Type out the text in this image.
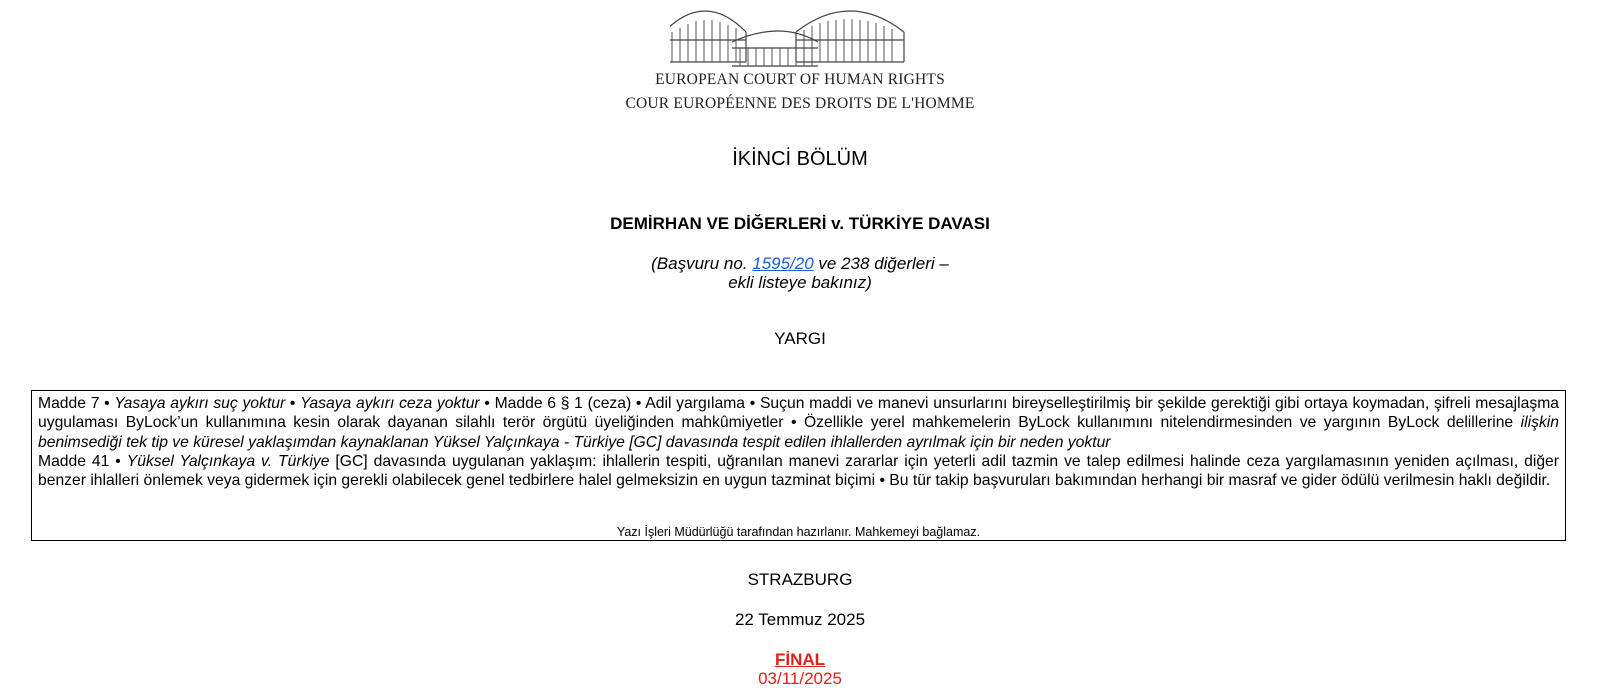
EUROPEAN COURT OF HUMAN RIGHTS
COUR EUROPÉENNE DES DROITS DE L'HOMME
İKİNCİ BÖLÜM
DEMİRHAN VE DİĞERLERİ v. TÜRKİYE DAVASI
(Başvuru no. 1595/20 ve 238 diğerleri –
ekli listeye bakınız)
YARGI

Madde 7 • Yasaya aykırı suç yoktur • Yasaya aykırı ceza yoktur • Madde 6 § 1 (ceza) • Adil yargılama • Suçun maddi ve manevi unsurlarını bireyselleştirilmiş bir şekilde gerektiği gibi ortaya koymadan, şifreli mesajlaşma uygulaması ByLock’un kullanımına kesin olarak dayanan silahlı terör örgütü üyeliğinden mahkûmiyetler • Özellikle yerel mahkemelerin ByLock kullanımını nitelendirmesinden ve yargının ByLock delillerine ilişkin benimsediği tek tip ve küresel yaklaşımdan kaynaklanan Yüksel Yalçınkaya - Türkiye [GC] davasında tespit edilen ihlallerden ayrılmak için bir neden yoktur

Madde 41 • Yüksel Yalçınkaya v. Türkiye [GC] davasında uygulanan yaklaşım: ihlallerin tespiti, uğranılan manevi zararlar için yeterli adil tazmin ve talep edilmesi halinde ceza yargılamasının yeniden açılması, diğer benzer ihlalleri önlemek veya gidermek için gerekli olabilecek genel tedbirlere halel gelmeksizin en uygun tazminat biçimi • Bu tür takip başvuruları bakımından herhangi bir masraf ve gider ödülü verilmesin haklı değildir.

Yazı İşleri Müdürlüğü tarafından hazırlanır. Mahkemeyi bağlamaz.
STRAZBURG
22 Temmuz 2025
FİNAL
03/11/2025
